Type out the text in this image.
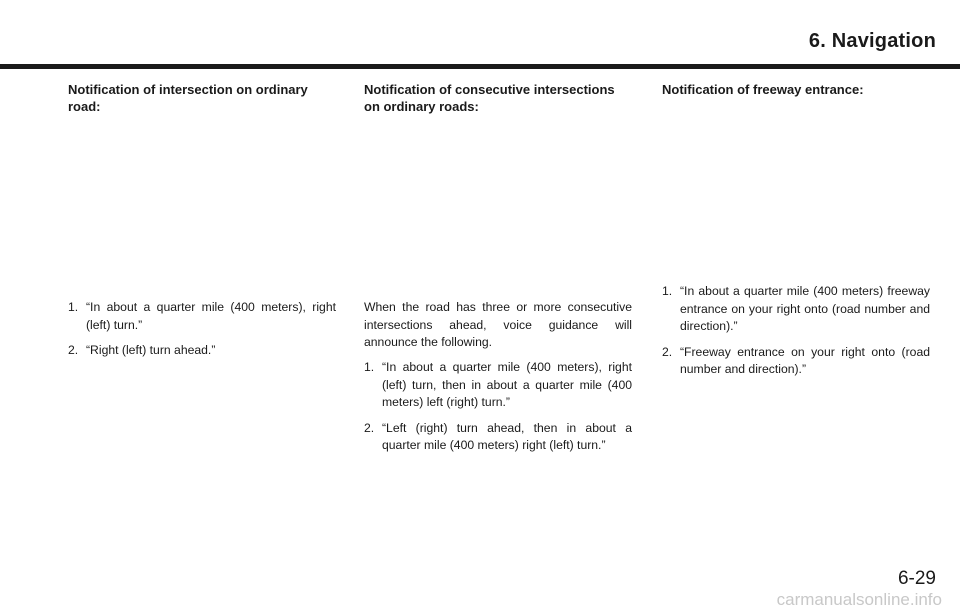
6. Navigation
Notification of intersection on ordinary road:
1. “In about a quarter mile (400 meters), right (left) turn.”
2. “Right (left) turn ahead.”
Notification of consecutive intersections on ordinary roads:

When the road has three or more consecutive intersections ahead, voice guidance will announce the following.

1. “In about a quarter mile (400 meters), right (left) turn, then in about a quarter mile (400 meters) left (right) turn.”
2. “Left (right) turn ahead, then in about a quarter mile (400 meters) right (left) turn.”
Notification of freeway entrance:
1. “In about a quarter mile (400 meters) freeway entrance on your right onto (road number and direction).”
2. “Freeway entrance on your right onto (road number and direction).”

6-29

carmanualsonline.info
